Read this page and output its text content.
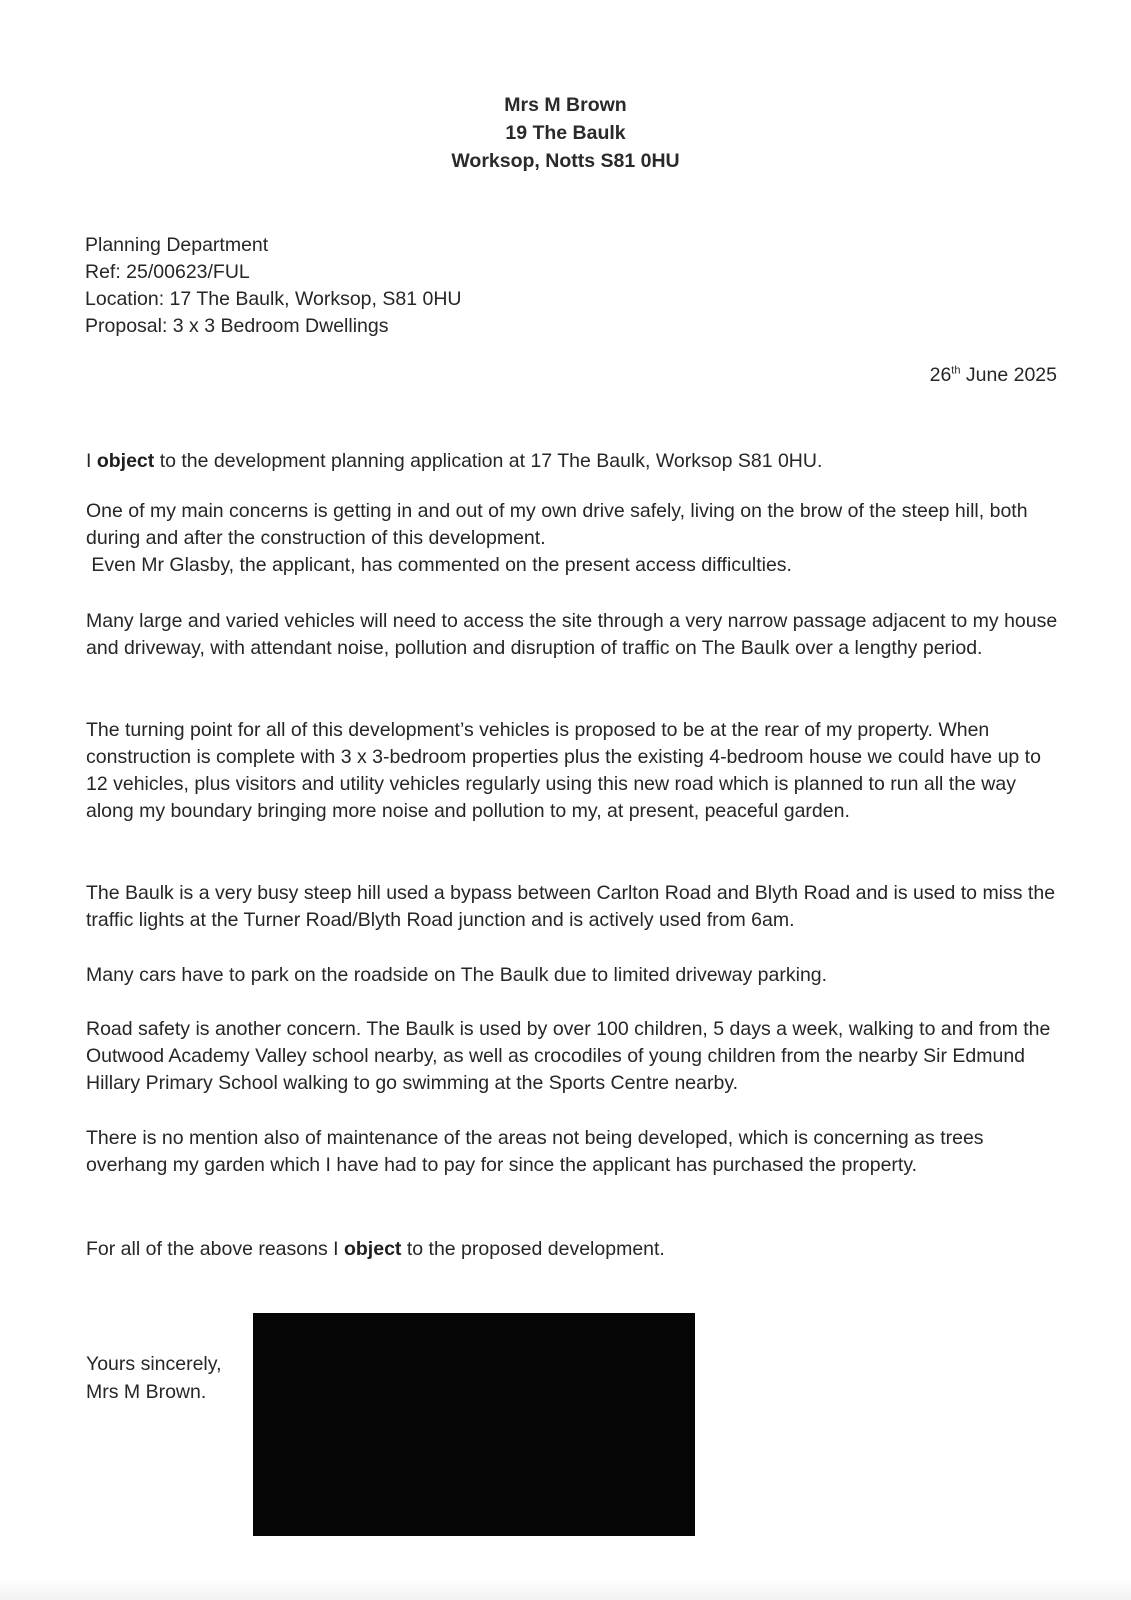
Mrs M Brown
19 The Baulk
Worksop, Notts S81 0HU
Planning Department
Ref: 25/00623/FUL
Location: 17 The Baulk, Worksop, S81 0HU
Proposal: 3 x 3 Bedroom Dwellings
26th June 2025

I object to the development planning application at 17 The Baulk, Worksop S81 0HU.

One of my main concerns is getting in and out of my own drive safely, living on the brow of the steep hill, both during and after the construction of this development.

Even Mr Glasby, the applicant, has commented on the present access difficulties.

Many large and varied vehicles will need to access the site through a very narrow passage adjacent to my house and driveway, with attendant noise, pollution and disruption of traffic on The Baulk over a lengthy period.

The turning point for all of this development’s vehicles is proposed to be at the rear of my property. When construction is complete with 3 x 3-bedroom properties plus the existing 4-bedroom house we could have up to 12 vehicles, plus visitors and utility vehicles regularly using this new road which is planned to run all the way along my boundary bringing more noise and pollution to my, at present, peaceful garden.

The Baulk is a very busy steep hill used a bypass between Carlton Road and Blyth Road and is used to miss the traffic lights at the Turner Road/Blyth Road junction and is actively used from 6am.

Many cars have to park on the roadside on The Baulk due to limited driveway parking.

Road safety is another concern. The Baulk is used by over 100 children, 5 days a week, walking to and from the Outwood Academy Valley school nearby, as well as crocodiles of young children from the nearby Sir Edmund Hillary Primary School walking to go swimming at the Sports Centre nearby.

There is no mention also of maintenance of the areas not being developed, which is concerning as trees overhang my garden which I have had to pay for since the applicant has purchased the property.

For all of the above reasons I object to the proposed development.

Yours sincerely,
Mrs M Brown.
